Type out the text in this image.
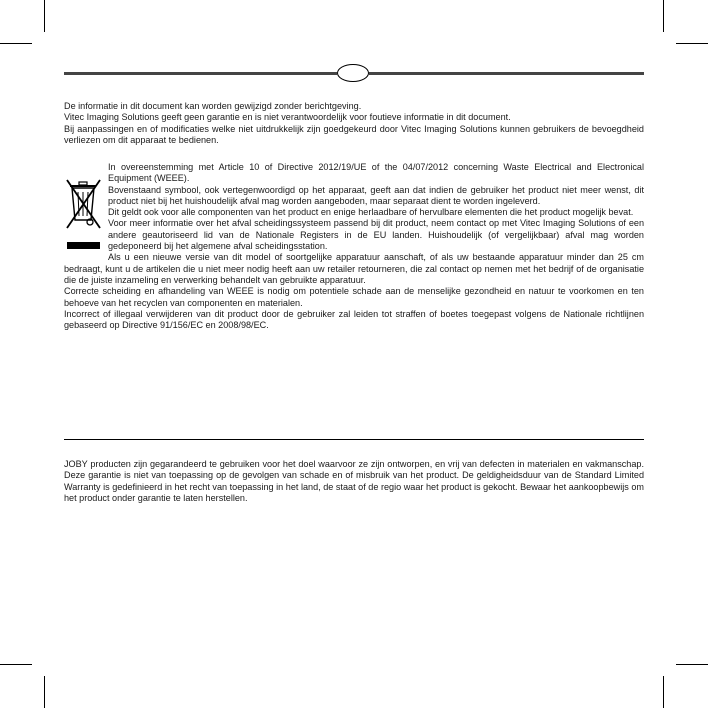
De informatie in dit document kan worden gewijzigd zonder berichtgeving.

Vitec Imaging Solutions geeft geen garantie en is niet verantwoordelijk voor foutieve informatie in dit document.

Bij aanpassingen en of modificaties welke niet uitdrukkelijk zijn goedgekeurd door Vitec Imaging Solutions kunnen gebruikers de bevoegdheid verliezen om dit apparaat te bedienen.

In overeenstemming met Article 10 of Directive 2012/19/UE of the 04/07/2012 concerning Waste Electrical and Electronical Equipment (WEEE).

Bovenstaand symbool, ook vertegenwoordigd op het apparaat, geeft aan dat indien de gebruiker het product niet meer wenst, dit product niet bij het huishoudelijk afval mag worden aangeboden, maar separaat dient te worden ingeleverd.

Dit geldt ook voor alle componenten van het product en enige herlaadbare of hervulbare elementen die het product mogelijk bevat.

Voor meer informatie over het afval scheidingssysteem passend bij dit product, neem contact op met Vitec Imaging Solutions of een andere geautoriseerd lid van de Nationale Registers in de EU landen. Huishoudelijk (of vergelijkbaar) afval mag worden gedeponeerd bij het algemene afval scheidingsstation.

Als u een nieuwe versie van dit model of soortgelijke apparatuur aanschaft, of als uw bestaande apparatuur minder dan 25 cm bedraagt, kunt u de artikelen die u niet meer nodig heeft aan uw retailer retourneren, die zal contact op nemen met het bedrijf of de organisatie die de juiste inzameling en verwerking behandelt van gebruikte apparatuur.

Correcte scheiding en afhandeling van WEEE is nodig om potentiele schade aan de menselijke gezondheid en natuur te voorkomen en ten behoeve van het recyclen van componenten en materialen.

Incorrect of illegaal verwijderen van dit product door de gebruiker zal leiden tot straffen of boetes toegepast volgens de Nationale richtlijnen gebaseerd op Directive 91/156/EC en 2008/98/EC.

JOBY producten zijn gegarandeerd te gebruiken voor het doel waarvoor ze zijn ontworpen, en vrij van defecten in materialen en vakmanschap. Deze garantie is niet van toepassing op de gevolgen van schade en of misbruik van het product. De geldigheidsduur van de Standard Limited Warranty is gedefinieerd in het recht van toepassing in het land, de staat of de regio waar het product is gekocht. Bewaar het aankoopbewijs om het product onder garantie te laten herstellen.
